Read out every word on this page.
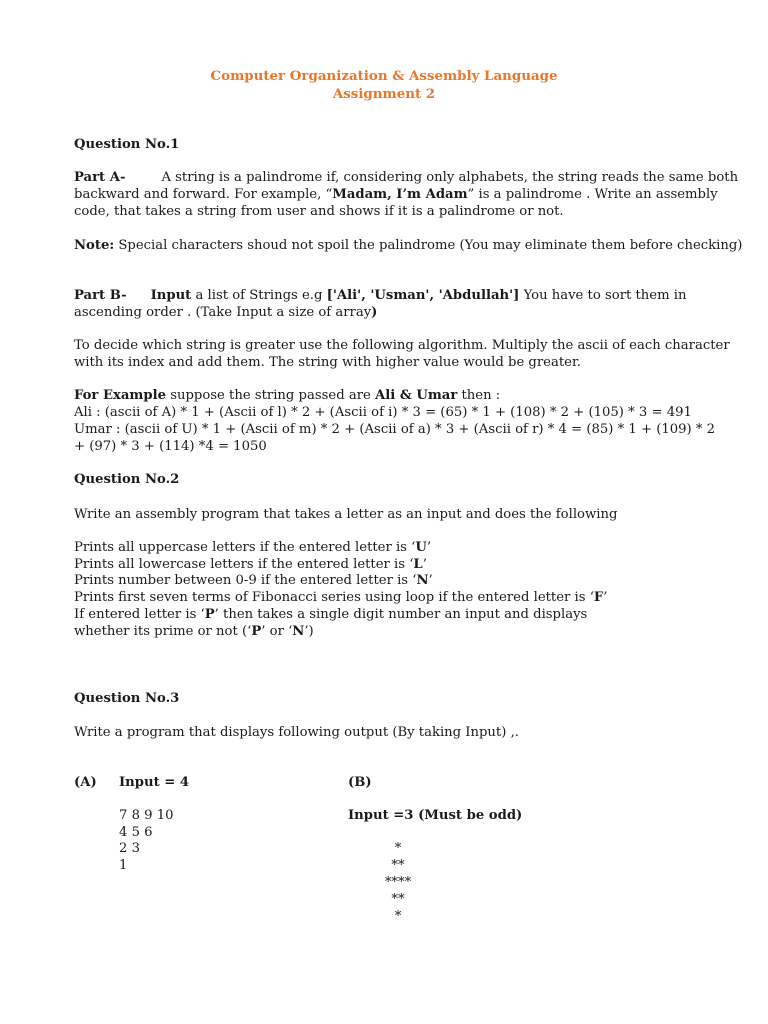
Computer Organization & Assembly Language
Assignment 2
Question No.1
Part A-	A string is a palindrome if, considering only alphabets, the string reads the same both
backward and forward. For example, “Madam, I’m Adam” is a palindrome . Write an assembly
code, that takes a string from user and shows if it is a palindrome or not.
Note: Special characters shoud not spoil the palindrome (You may eliminate them before checking)
Part B- Input a list of Strings e.g ['Ali', 'Usman', 'Abdullah'] You have to sort them in
ascending order . (Take Input a size of array)
To decide which string is greater use the following algorithm. Multiply the ascii of each character
with its index and add them. The string with higher value would be greater.
For Example suppose the string passed are Ali & Umar then :
Ali : (ascii of A) * 1 + (Ascii of l) * 2 + (Ascii of i) * 3 = (65) * 1 + (108) * 2 + (105) * 3 = 491
Umar : (ascii of U) * 1 + (Ascii of m) * 2 + (Ascii of a) * 3 + (Ascii of r) * 4 = (85) * 1 + (109) * 2
+ (97) * 3 + (114) *4 = 1050
Question No.2
Write an assembly program that takes a letter as an input and does the following
Prints all uppercase letters if the entered letter is ‘U’
Prints all lowercase letters if the entered letter is ‘L’
Prints number between 0-9 if the entered letter is ‘N’
Prints first seven terms of Fibonacci series using loop if the entered letter is ‘F’
If entered letter is ‘P’ then takes a single digit number an input and displays
whether its prime or not (‘P’ or ‘N’)
Question No.3
Write a program that displays following output (By taking Input) ,.
(A) Input = 4	(B)
7 8 9 10
4 5 6
2 3
1
Input =3 (Must be odd)
*
**
****
**
*
